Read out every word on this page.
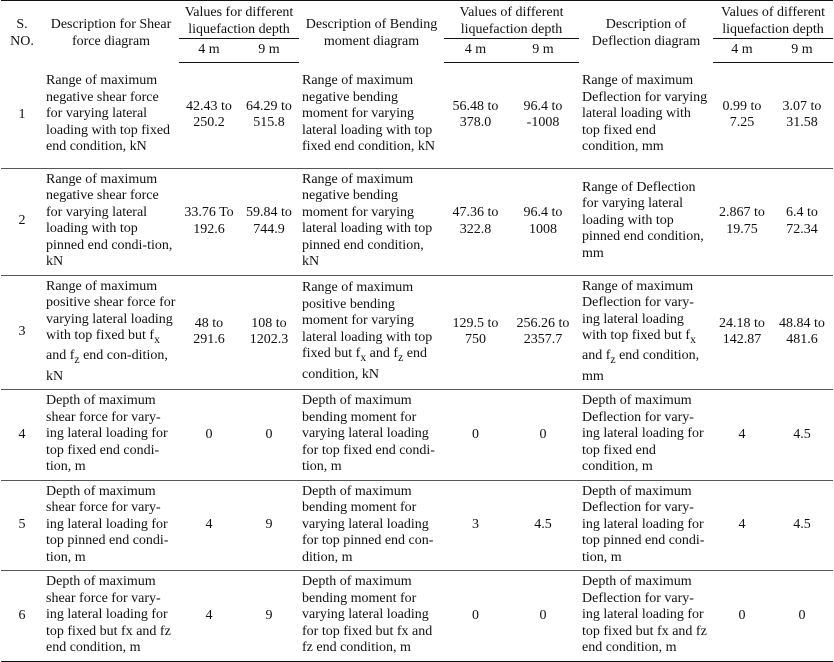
S. NO.	Description for Shear force diagram	Values for different liquefaction depth		Description of Bending moment diagram	Values of different liquefaction depth		Description of Deflection diagram	Values of different liquefaction depth	
		4 m	9 m		4 m	9 m		4 m	9 m
1	Range of maximum negative shear force for varying lateral loading with top fixed end condition, kN	42.43 to 250.2	64.29 to 515.8	Range of maximum negative bending moment for varying lateral loading with top fixed end condition, kN	56.48 to 378.0	96.4 to -1008	Range of maximum Deflection for varying lateral loading with top fixed end condition, mm	0.99 to 7.25	3.07 to 31.58
2	Range of maximum negative shear force for varying lateral loading with top pinned end condi-tion, kN	33.76 To 192.6	59.84 to 744.9	Range of maximum negative bending moment for varying lateral loading with top pinned end condition, kN	47.36 to 322.8	96.4 to 1008	Range of Deflection for varying lateral loading with top pinned end condition, mm	2.867 to 19.75	6.4 to 72.34
3	Range of maximum positive shear force for varying lateral loading with top fixed but $f_x$ and $f_z$ end con-dition, kN	48 to 291.6	108 to 1202.3	Range of maximum positive bending moment for varying lateral loading with top fixed but $f_x$ and $f_z$ end condition, kN	129.5 to 750	256.26 to 2357.7	Range of maximum Deflection for vary-ing lateral loading with top fixed but $f_x$ and $f_z$ end condition, mm	24.18 to 142.87	48.84 to 481.6
4	Depth of maximum shear force for vary-ing lateral loading for top fixed end condi-tion, m	0	0	Depth of maximum bending moment for varying lateral loading for top fixed end condi-tion, m	0	0	Depth of maximum Deflection for vary-ing lateral loading for top fixed end condition, m	4	4.5
5	Depth of maximum shear force for vary-ing lateral loading for top pinned end condi-tion, m	4	9	Depth of maximum bending moment for varying lateral loading for top pinned end con-dition, m	3	4.5	Depth of maximum Deflection for vary-ing lateral loading for top pinned end condi-tion, m	4	4.5
6	Depth of maximum shear force for vary-ing lateral loading for top fixed but fx and fz end condition, m	4	9	Depth of maximum bending moment for varying lateral loading for top fixed but fx and fz end condition, m	0	0	Depth of maximum Deflection for vary-ing lateral loading for top fixed but fx and fz end condition, m	0	0
